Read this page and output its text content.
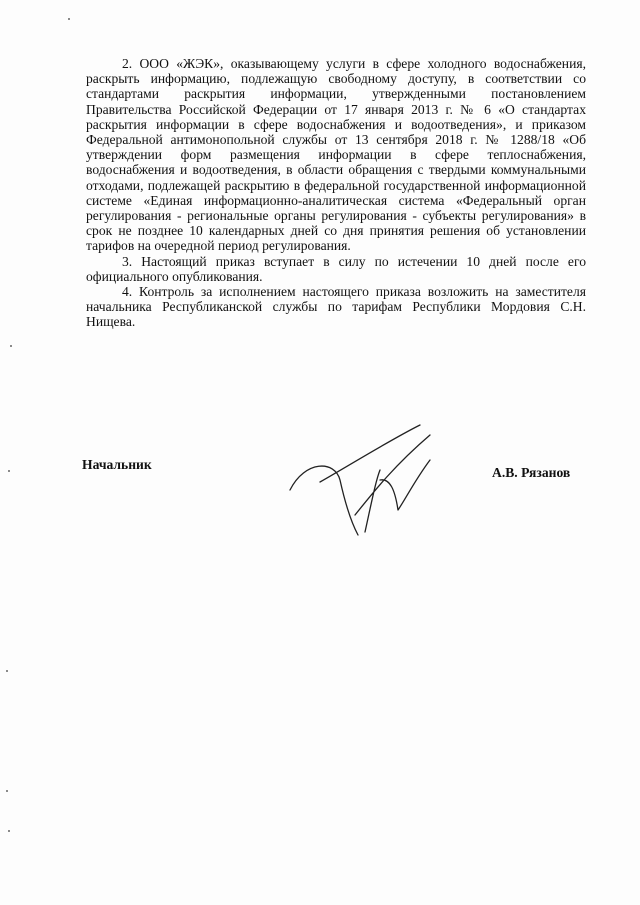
2. ООО «ЖЭК», оказывающему услуги в сфере холодного водоснабжения, раскрыть информацию, подлежащую свободному доступу, в соответствии со стандартами раскрытия информации, утвержденными постановлением Правительства Российской Федерации от 17 января 2013 г. № 6 «О стандартах раскрытия информации в сфере водоснабжения и водоотведения», и приказом Федеральной антимонопольной службы от 13 сентября 2018 г. № 1288/18 «Об утверждении форм размещения информации в сфере теплоснабжения, водоснабжения и водоотведения, в области обращения с твердыми коммунальными отходами, подлежащей раскрытию в федеральной государственной информационной системе «Единая информационно-аналитическая система «Федеральный орган регулирования - региональные органы регулирования - субъекты регулирования» в срок не позднее 10 календарных дней со дня принятия решения об установлении тарифов на очередной период регулирования.

3. Настоящий приказ вступает в силу по истечении 10 дней после его официального опубликования.

4. Контроль за исполнением настоящего приказа возложить на заместителя начальника Республиканской службы по тарифам Республики Мордовия С.Н. Нищева.

Начальник
А.В. Рязанов
